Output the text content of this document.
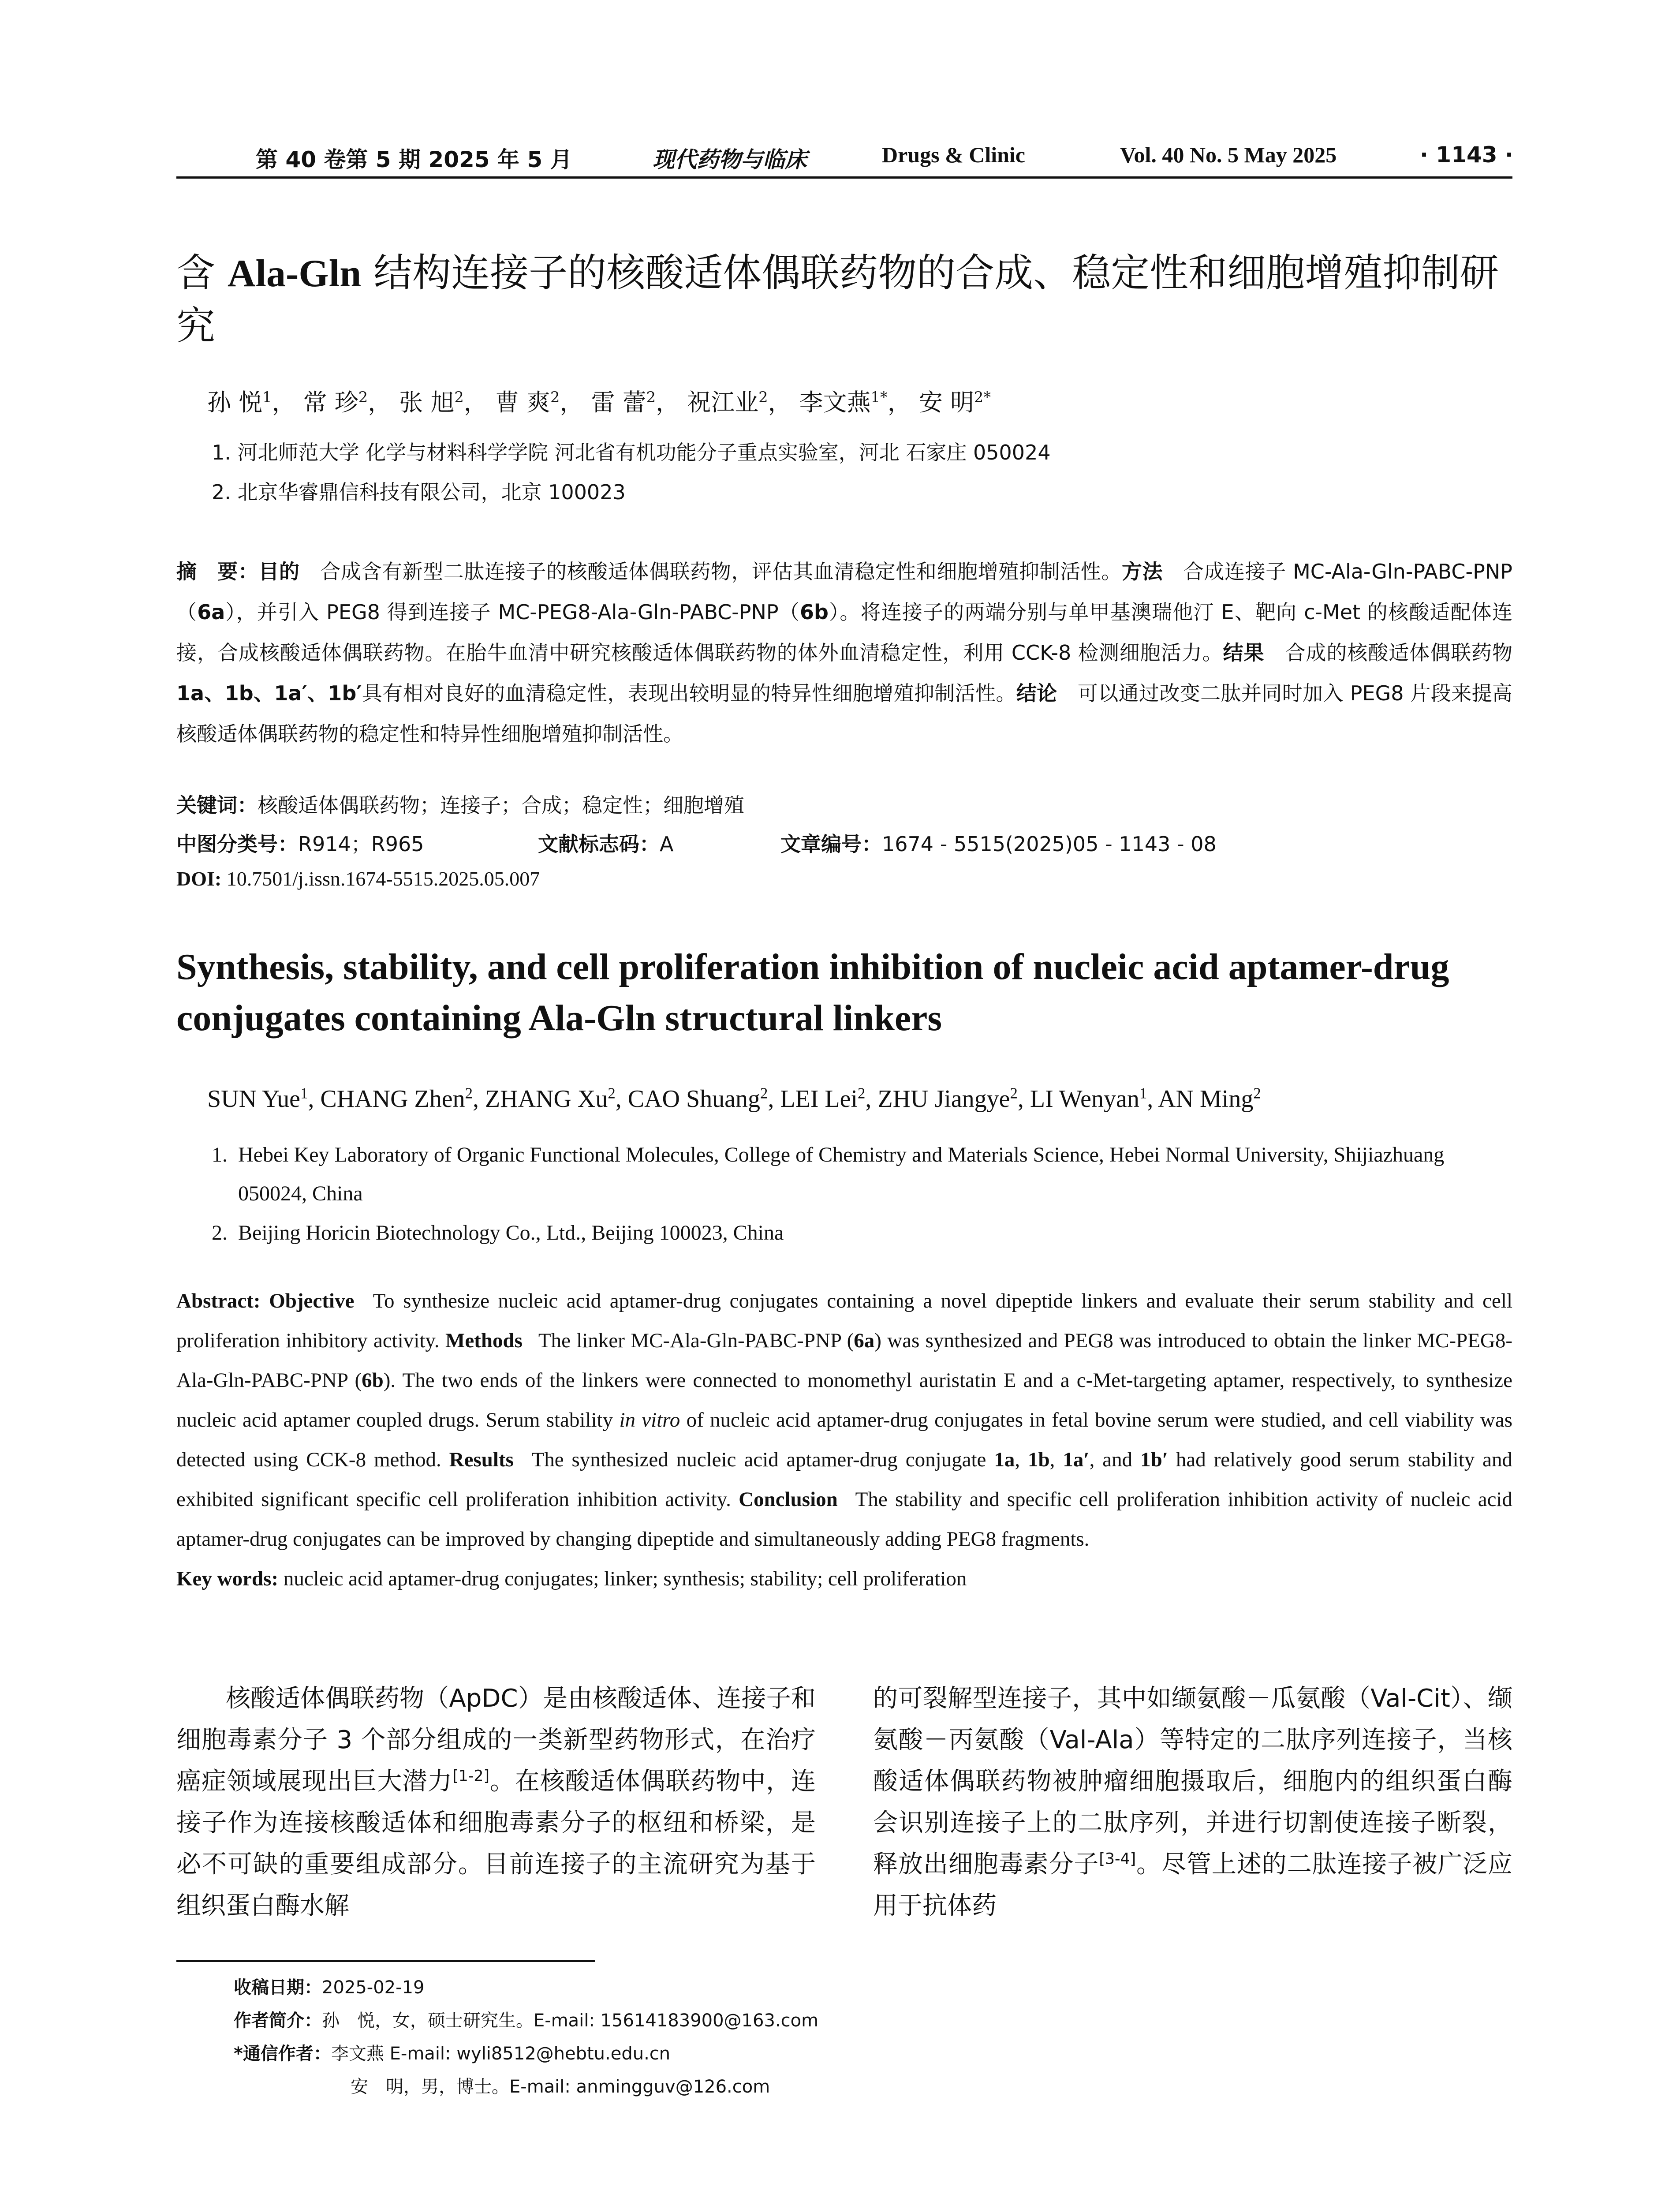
第 40 卷第 5 期 2025 年 5 月	现代药物与临床	Drugs & Clinic	Vol. 40 No. 5 May 2025	· 1143 ·
含 Ala-Gln 结构连接子的核酸适体偶联药物的合成、稳定性和细胞增殖抑制研究
孙 悦$^1$， 常 珍$^2$， 张 旭$^2$， 曹 爽$^2$， 雷 蕾$^2$， 祝江业$^2$， 李文燕$^{1*}$， 安 明$^{2*}$
1. 河北师范大学 化学与材料科学学院 河北省有机功能分子重点实验室，河北 石家庄 050024
2. 北京华睿鼎信科技有限公司，北京 100023
摘　要：目的  合成含有新型二肽连接子的核酸适体偶联药物，评估其血清稳定性和细胞增殖抑制活性。方法  合成连接子 MC-Ala-Gln-PABC-PNP（6a），并引入 PEG8 得到连接子 MC-PEG8-Ala-Gln-PABC-PNP（6b）。将连接子的两端分别与单甲基澳瑞他汀 E、靶向 c-Met 的核酸适配体连接，合成核酸适体偶联药物。在胎牛血清中研究核酸适体偶联药物的体外血清稳定性，利用 CCK-8 检测细胞活力。结果  合成的核酸适体偶联药物 1a、1b、1a′、1b′具有相对良好的血清稳定性，表现出较明显的特异性细胞增殖抑制活性。结论  可以通过改变二肽并同时加入 PEG8 片段来提高核酸适体偶联药物的稳定性和特异性细胞增殖抑制活性。
关键词：核酸适体偶联药物；连接子；合成；稳定性；细胞增殖
中图分类号：R914；R965	文献标志码：A	文章编号：1674 - 5515(2025)05 - 1143 - 08
DOI: 10.7501/j.issn.1674-5515.2025.05.007
Synthesis, stability, and cell proliferation inhibition of nucleic acid aptamer-drug conjugates containing Ala-Gln structural linkers
SUN Yue$^1$, CHANG Zhen$^2$, ZHANG Xu$^2$, CAO Shuang$^2$, LEI Lei$^2$, ZHU Jiangye$^2$, LI Wenyan$^1$, AN Ming$^2$
1. Hebei Key Laboratory of Organic Functional Molecules, College of Chemistry and Materials Science, Hebei Normal University, Shijiazhuang 050024, China
2. Beijing Horicin Biotechnology Co., Ltd., Beijing 100023, China
Abstract: Objective  To synthesize nucleic acid aptamer-drug conjugates containing a novel dipeptide linkers and evaluate their serum stability and cell proliferation inhibitory activity. Methods  The linker MC-Ala-Gln-PABC-PNP (6a) was synthesized and PEG8 was introduced to obtain the linker MC-PEG8-Ala-Gln-PABC-PNP (6b). The two ends of the linkers were connected to monomethyl auristatin E and a c-Met-targeting aptamer, respectively, to synthesize nucleic acid aptamer coupled drugs. Serum stability in vitro of nucleic acid aptamer-drug conjugates in fetal bovine serum were studied, and cell viability was detected using CCK-8 method. Results  The synthesized nucleic acid aptamer-drug conjugate 1a, 1b, 1a′, and 1b′ had relatively good serum stability and exhibited significant specific cell proliferation inhibition activity. Conclusion  The stability and specific cell proliferation inhibition activity of nucleic acid aptamer-drug conjugates can be improved by changing dipeptide and simultaneously adding PEG8 fragments.
Key words: nucleic acid aptamer-drug conjugates; linker; synthesis; stability; cell proliferation
核酸适体偶联药物（ApDC）是由核酸适体、连接子和细胞毒素分子 3 个部分组成的一类新型药物形式，在治疗癌症领域展现出巨大潜力[1-2]。在核酸适体偶联药物中，连接子作为连接核酸适体和细胞毒素分子的枢纽和桥梁，是必不可缺的重要组成部分。目前连接子的主流研究为基于组织蛋白酶水解
的可裂解型连接子，其中如缬氨酸－瓜氨酸（Val-Cit）、缬氨酸－丙氨酸（Val-Ala）等特定的二肽序列连接子，当核酸适体偶联药物被肿瘤细胞摄取后，细胞内的组织蛋白酶会识别连接子上的二肽序列，并进行切割使连接子断裂，释放出细胞毒素分子[3-4]。尽管上述的二肽连接子被广泛应用于抗体药
收稿日期：2025-02-19
作者简介：孙　悦，女，硕士研究生。E-mail: 15614183900@163.com
*通信作者：李文燕 E-mail: wyli8512@hebtu.edu.cn
安　明，男，博士。E-mail: anmingguv@126.com
